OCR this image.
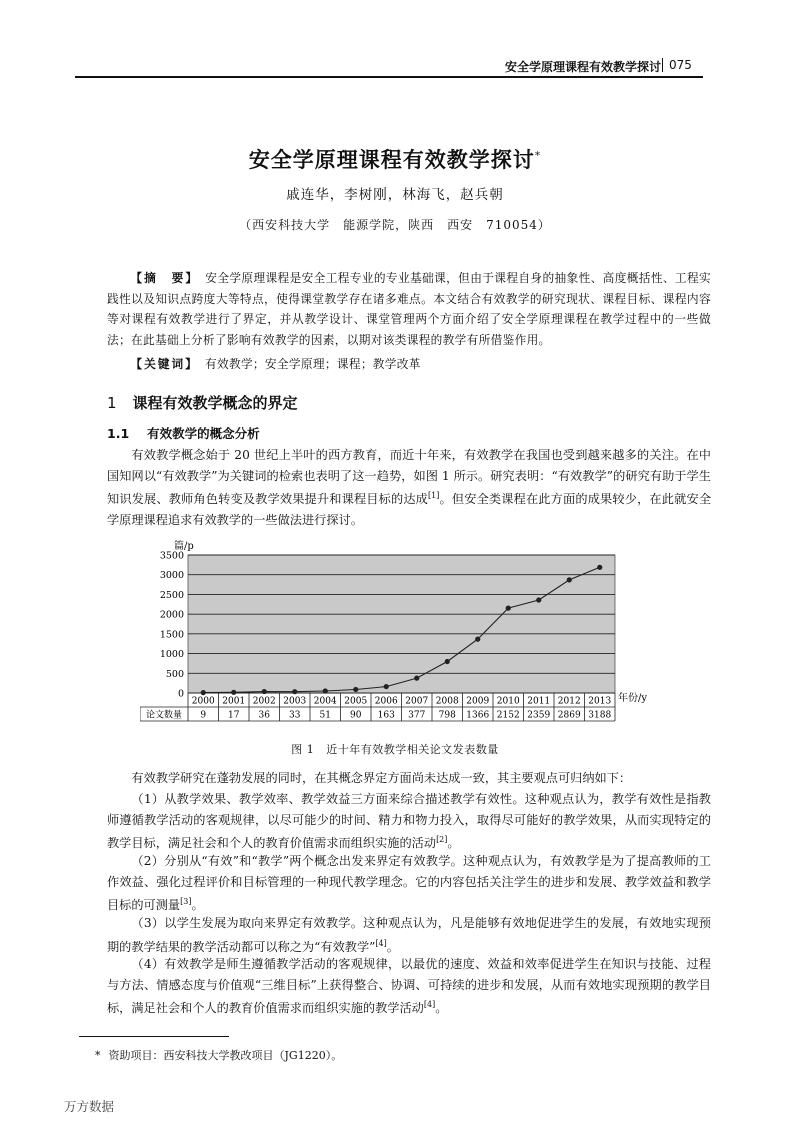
安全学原理课程有效教学探讨 075
安全学原理课程有效教学探讨*
戚连华，李树刚，林海飞，赵兵朝
（西安科技大学　能源学院，陕西　西安　710054）

【摘　要】　 安全学原理课程是安全工程专业的专业基础课，但由于课程自身的抽象性、高度概括性、工程实践性以及知识点跨度大等特点，使得课堂教学存在诸多难点。本文结合有效教学的研究现状、课程目标、课程内容等对课程有效教学进行了界定，并从教学设计、课堂管理两个方面介绍了安全学原理课程在教学过程中的一些做法；在此基础上分析了影响有效教学的因素，以期对该类课程的教学有所借鉴作用。

【关键词】　 有效教学；安全学原理；课程；教学改革

1 课程有效教学概念的界定
1.1 有效教学的概念分析

有效教学概念始于 20 世纪上半叶的西方教育，而近十年来，有效教学在我国也受到越来越多的关注。在中国知网以“有效教学”为关键词的检索也表明了这一趋势，如图 1 所示。研究表明：“有效教学”的研究有助于学生知识发展、教师角色转变及教学效果提升和课程目标的达成[1]。但安全类课程在此方面的成果较少，在此就安全学原理课程追求有效教学的一些做法进行探讨。

0
500
1000
1500
2000
2500
3000
3500
篇/p
论文数量
2000
9
2001
17
2002
36
2003
33
2004
51
2005
90
2006
163
2007
377
2008
798
2009
1366
2010
2152
2011
2359
2012
2869
2013
3188
年份/y
图 1 近十年有效教学相关论文发表数量

有效教学研究在蓬勃发展的同时，在其概念界定方面尚未达成一致，其主要观点可归纳如下：

（1）从教学效果、教学效率、教学效益三方面来综合描述教学有效性。这种观点认为，教学有效性是指教师遵循教学活动的客观规律，以尽可能少的时间、精力和物力投入，取得尽可能好的教学效果，从而实现特定的教学目标，满足社会和个人的教育价值需求而组织实施的活动[2]。

（2）分别从“有效”和“教学”两个概念出发来界定有效教学。这种观点认为，有效教学是为了提高教师的工作效益、强化过程评价和目标管理的一种现代教学理念。它的内容包括关注学生的进步和发展、教学效益和教学目标的可测量[3]。

（3）以学生发展为取向来界定有效教学。这种观点认为，凡是能够有效地促进学生的发展，有效地实现预期的教学结果的教学活动都可以称之为“有效教学”[4]。

（4）有效教学是师生遵循教学活动的客观规律，以最优的速度、效益和效率促进学生在知识与技能、过程与方法、情感态度与价值观“三维目标”上获得整合、协调、可持续的进步和发展，从而有效地实现预期的教学目标，满足社会和个人的教育价值需求而组织实施的教学活动[4]。

* 资助项目：西安科技大学教改项目（JG1220）。
万方数据
